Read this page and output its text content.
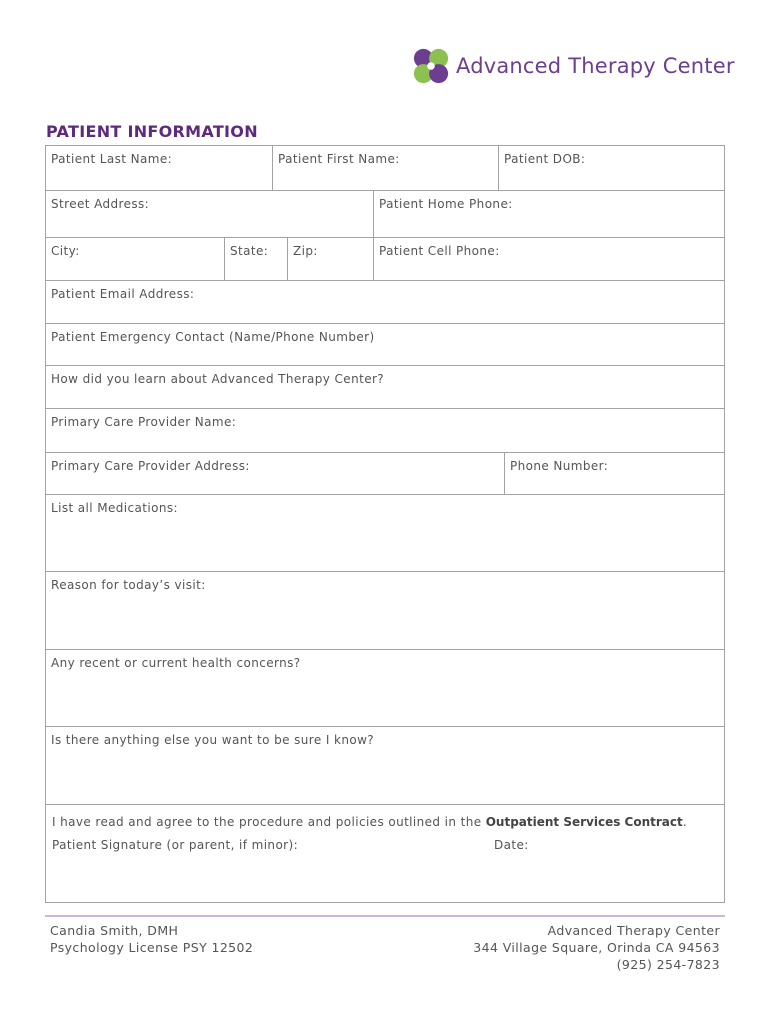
Advanced Therapy Center
PATIENT INFORMATION
Patient Last Name:	Patient First Name:	Patient DOB:
Street Address:	Patient Home Phone:
City:	State:	Zip:	Patient Cell Phone:
Patient Email Address:
Patient Emergency Contact (Name/Phone Number)
How did you learn about Advanced Therapy Center?
Primary Care Provider Name:
Primary Care Provider Address:	Phone Number:
List all Medications:
Reason for today’s visit:
Any recent or current health concerns?
Is there anything else you want to be sure I know?
I have read and agree to the procedure and policies outlined in the Outpatient Services Contract.
Patient Signature (or parent, if minor):	Date:
Candia Smith, DMH
Psychology License PSY 12502
Advanced Therapy Center
344 Village Square, Orinda CA 94563
(925) 254-7823
